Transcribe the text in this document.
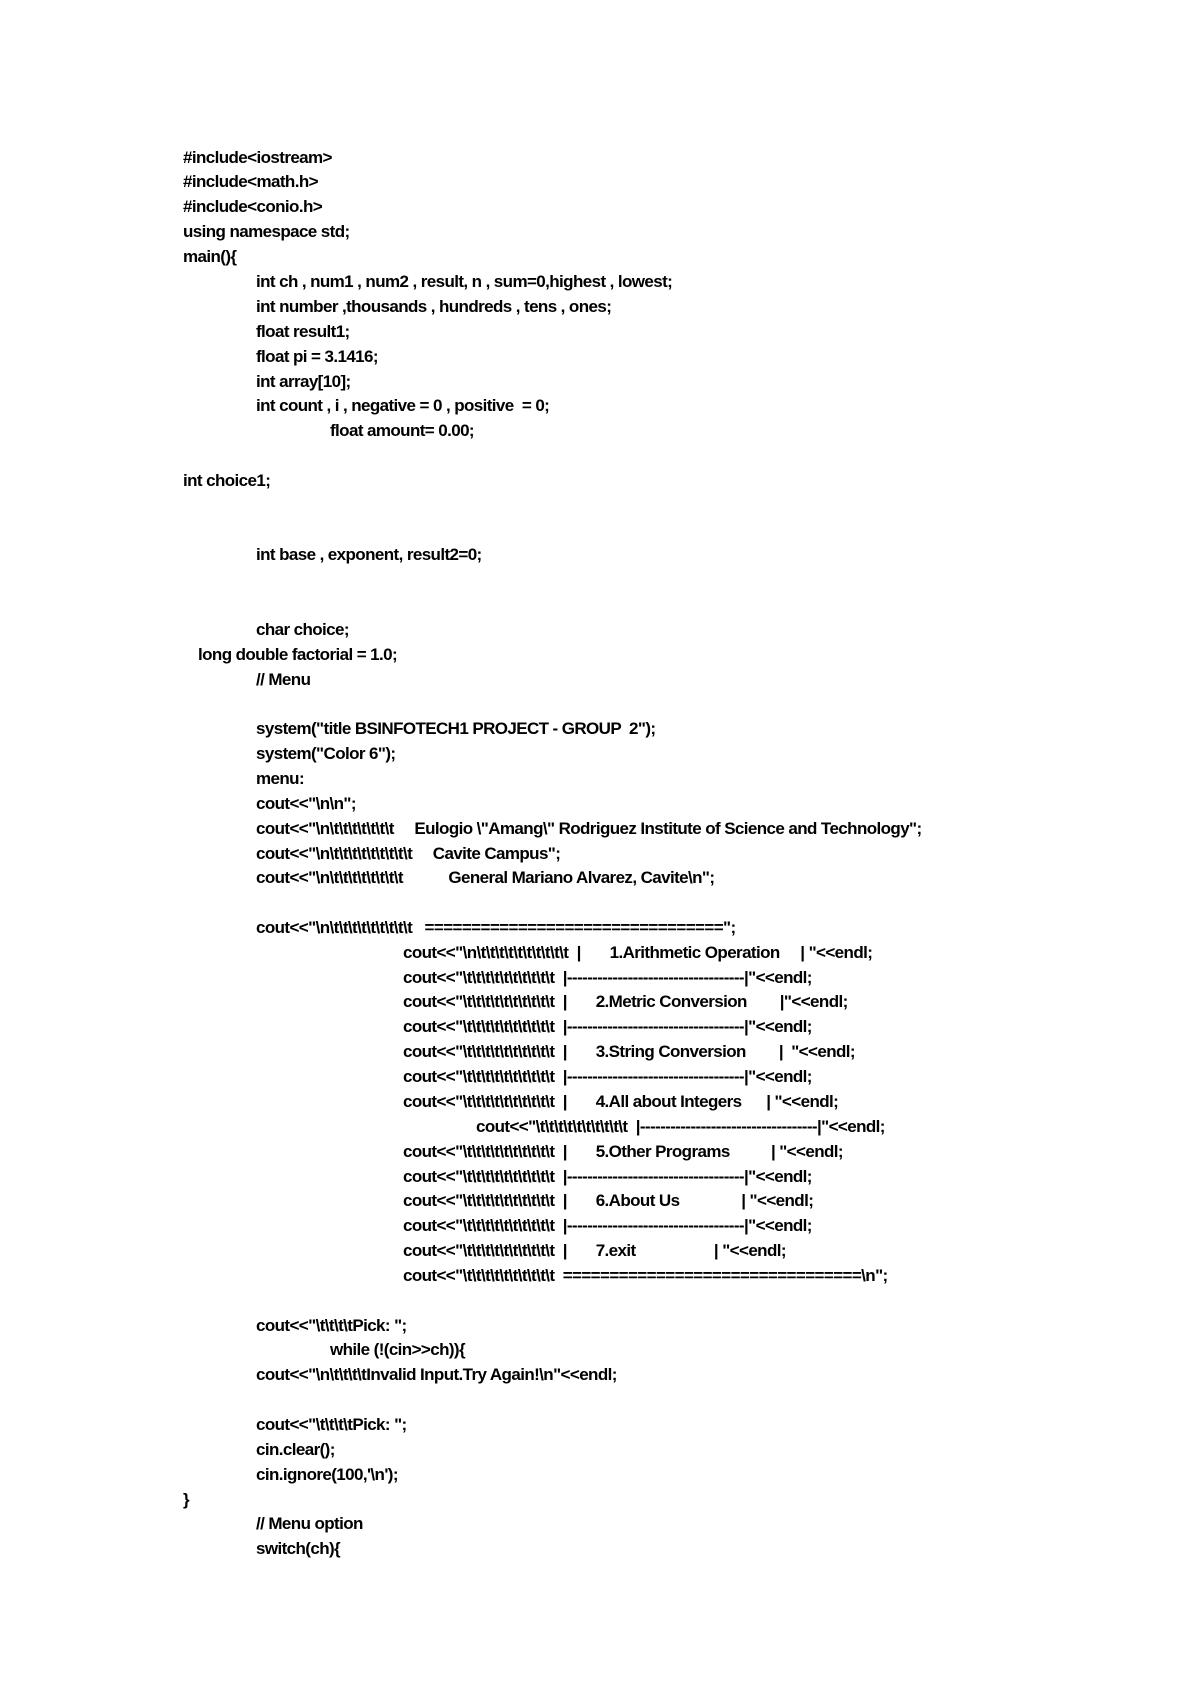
#include<iostream>
#include<math.h>
#include<conio.h>
using namespace std;
main(){
int ch , num1 , num2 , result, n , sum=0,highest , lowest;
int number ,thousands , hundreds , tens , ones;
float result1;
float pi = 3.1416;
int array[10];
int count , i , negative = 0 , positive  = 0;
float amount= 0.00;
int choice1;
int base , exponent, result2=0;
char choice;
long double factorial = 1.0;
// Menu
system("title BSINFOTECH1 PROJECT - GROUP  2");
system("Color 6");
menu:
cout<<"\n\n";
cout<<"\n\t\t\t\t\t\t\t     Eulogio \"Amang\" Rodriguez Institute of Science and Technology";
cout<<"\n\t\t\t\t\t\t\t\t\t     Cavite Campus";
cout<<"\n\t\t\t\t\t\t\t\t           General Mariano Alvarez, Cavite\n";
cout<<"\n\t\t\t\t\t\t\t\t\t   ================================";
cout<<"\n\t\t\t\t\t\t\t\t\t\t  |       1.Arithmetic Operation     | "<<endl;
cout<<"\t\t\t\t\t\t\t\t\t\t  |-----------------------------------|"<<endl;
cout<<"\t\t\t\t\t\t\t\t\t\t  |       2.Metric Conversion        |"<<endl;
cout<<"\t\t\t\t\t\t\t\t\t\t  |-----------------------------------|"<<endl;
cout<<"\t\t\t\t\t\t\t\t\t\t  |       3.String Conversion        |  "<<endl;
cout<<"\t\t\t\t\t\t\t\t\t\t  |-----------------------------------|"<<endl;
cout<<"\t\t\t\t\t\t\t\t\t\t  |       4.All about Integers      | "<<endl;
cout<<"\t\t\t\t\t\t\t\t\t\t  |-----------------------------------|"<<endl;
cout<<"\t\t\t\t\t\t\t\t\t\t  |       5.Other Programs          | "<<endl;
cout<<"\t\t\t\t\t\t\t\t\t\t  |-----------------------------------|"<<endl;
cout<<"\t\t\t\t\t\t\t\t\t\t  |       6.About Us               | "<<endl;
cout<<"\t\t\t\t\t\t\t\t\t\t  |-----------------------------------|"<<endl;
cout<<"\t\t\t\t\t\t\t\t\t\t  |       7.exit                   | "<<endl;
cout<<"\t\t\t\t\t\t\t\t\t\t  ================================\n";
cout<<"\t\t\t\tPick: ";
while (!(cin>>ch)){
cout<<"\n\t\t\t\tInvalid Input.Try Again!\n"<<endl;
cout<<"\t\t\t\tPick: ";
cin.clear();
cin.ignore(100,'\n');
}
// Menu option
switch(ch){
